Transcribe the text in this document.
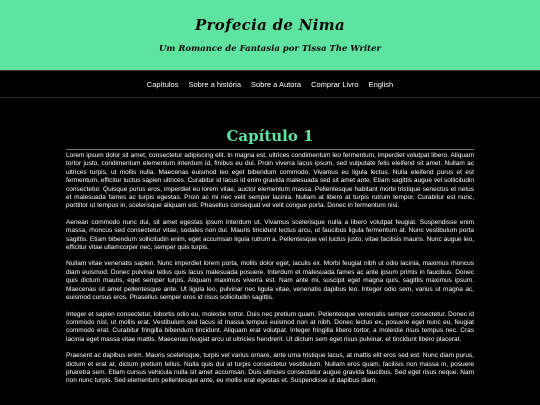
Profecia de Nima
Um Romance de Fantasia por Tissa The Writer
Capítulos Sobre a história Sobre a Autora Comprar Livro English
Capítulo 1

Lorem ipsum dolor sit amet, consectetur adipiscing elit. In magna est, ultrices condimentum leo fermentum, imperdiet volutpat libero. Aliquam tortor justo, condimentum elementum interdum id, finibus eu dui. Proin viverra lacus ipsum, sed vulputate felis eleifend sit amet. Nullam ac ultrices turpis, ut mollis nulla. Maecenas euismod leo eget bibendum commodo. Vivamus eu ligula lectus. Nulla eleifend purus et est fermentum, efficitur luctus sapien ultrices. Curabitur id lacus id enim gravida malesuada sed sit amet ante. Etiam sagittis augue vel sollicitudin consectetur. Quisque purus eros, imperdiet eu lorem vitae, auctor elementum massa. Pellentesque habitant morbi tristique senectus et netus et malesuada fames ac turpis egestas. Proin ac mi nec velit semper lacinia. Nullam at libero at turpis rutrum tempor. Curabitur est nunc, porttitor ut tempus in, scelerisque aliquam est. Phasellus consequat vel velit congue porta. Donec in fermentum nisi.

Aenean commodo nunc dui, sit amet egestas ipsum interdum ut. Vivamus scelerisque nulla a libero volutpat feugiat. Suspendisse enim massa, rhoncus sed consectetur vitae, sodales non dui. Mauris tincidunt lectus arcu, ut faucibus ligula fermentum at. Nunc vestibulum porta sagittis. Etiam bibendum sollicitudin enim, eget accumsan ligula rutrum a. Pellentesque vel luctus justo, vitae facilisis mauris. Nunc augue leo, efficitur vitae ullamcorper nec, semper quis turpis.

Nullam vitae venenatis sapien. Nunc imperdiet lorem porta, mollis dolor eget, iaculis ex. Morbi feugiat nibh ut odio lacinia, maximus rhoncus diam euismod. Donec pulvinar tellus quis lacus malesuada posuere. Interdum et malesuada fames ac ante ipsum primis in faucibus. Donec quis dictum mauris, eget semper turpis. Aliquam maximus viverra est. Nam ante mi, suscipit eget magna quis, sagittis maximus ipsum. Maecenas sit amet pellentesque ante. Ut ligula leo, pulvinar nec ligula vitae, venenatis dapibus leo. Integer odio sem, varius ut magna ac, euismod cursus eros. Phasellus semper eros id risus sollicitudin sagittis.

Integer et sapien consectetur, lobortis odio eu, molestie tortor. Duis nec pretium quam. Pellentesque venenatis semper consectetur. Donec id commodo nisl, ut mollis erat. Vestibulum sed lacus id massa tempus euismod non at nibh. Donec lectus ex, posuere eget nunc eu, feugiat commodo erat. Curabitur fringilla bibendum tincidunt. Aliquam erat volutpat. Integer fringilla libero tortor, a molestie risus tempus nec. Cras lacinia eget massa vitae mattis. Maecenas feugiat arcu ut ultricies hendrerit. Ut dictum sem eget risus pulvinar, et tincidunt libero placerat.

Praesent ac dapibus enim. Mauris scelerisque, turpis vel varius ornare, ante urna tristique lacus, at mattis elit eros sed est. Nunc diam purus, dictum et erat at, dictum pretium tellus. Nulla quis dui at turpis consectetur vestibulum. Nullam eros quam, facilisis non massa in, posuere pharetra sem. Etiam cursus vehicula nulla sit amet accumsan. Duis ultricies consectetur augue gravida faucibus. Sed eget risus neque. Nam non nunc turpis. Sed elementum pellentesque ante, eu mollis erat egestas et. Suspendisse ut dapibus diam.
